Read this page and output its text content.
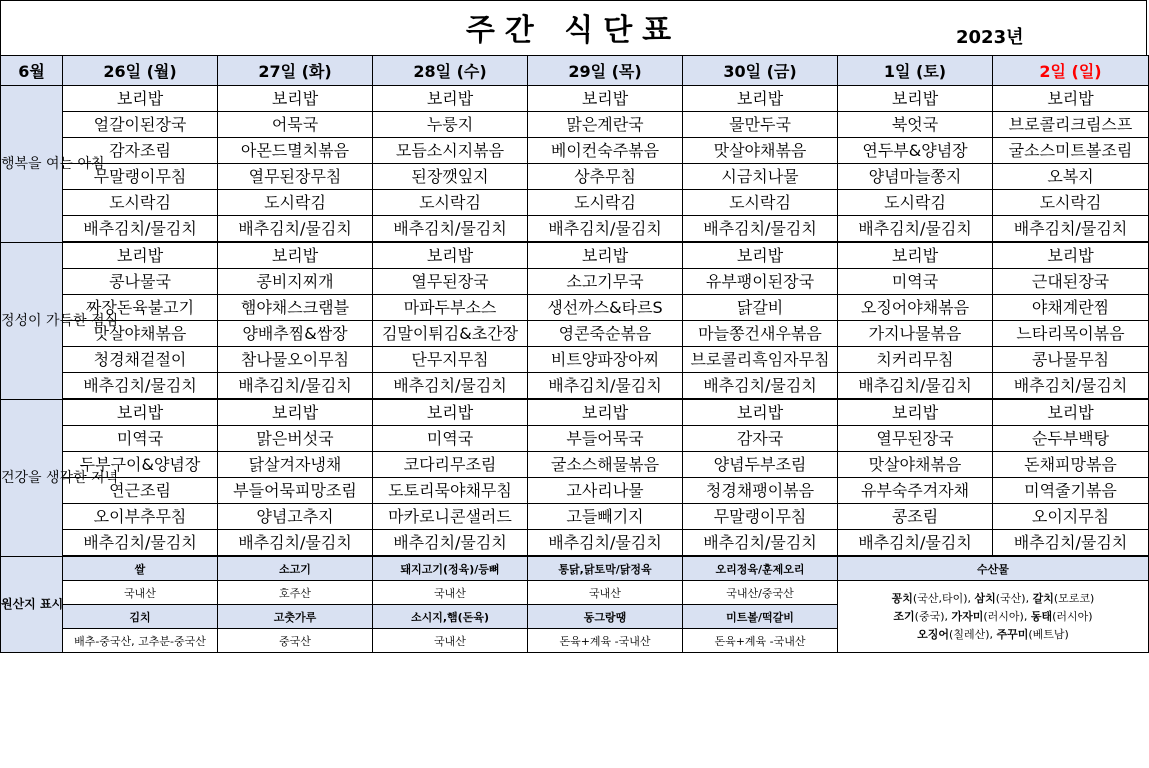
주간 식단표	2023년
6월	26일 (월)	27일 (화)	28일 (수)	29일 (목)	30일 (금)	1일 (토)	2일 (일)
행복을 여는 아침	보리밥	보리밥	보리밥	보리밥	보리밥	보리밥	보리밥
	얼갈이된장국	어묵국	누룽지	맑은계란국	물만두국	북엇국	브로콜리크림스프
	감자조림	아몬드멸치볶음	모듬소시지볶음	베이컨숙주볶음	맛살야채볶음	연두부&양념장	굴소스미트볼조림
	무말랭이무침	열무된장무침	된장깻잎지	상추무침	시금치나물	양념마늘쫑지	오복지
	도시락김	도시락김	도시락김	도시락김	도시락김	도시락김	도시락김
	배추김치/물김치	배추김치/물김치	배추김치/물김치	배추김치/물김치	배추김치/물김치	배추김치/물김치	배추김치/물김치
정성이 가득한 점심	보리밥	보리밥	보리밥	보리밥	보리밥	보리밥	보리밥
	콩나물국	콩비지찌개	열무된장국	소고기무국	유부팽이된장국	미역국	근대된장국
	짜장돈육불고기	햄야채스크램블	마파두부소스	생선까스&타르S	닭갈비	오징어야채볶음	야채계란찜
	맛살야채볶음	양배추찜&쌈장	김말이튀김&초간장	영콘죽순볶음	마늘쫑건새우볶음	가지나물볶음	느타리목이볶음
	청경채겉절이	참나물오이무침	단무지무침	비트양파장아찌	브로콜리흑임자무침	치커리무침	콩나물무침
	배추김치/물김치	배추김치/물김치	배추김치/물김치	배추김치/물김치	배추김치/물김치	배추김치/물김치	배추김치/물김치
건강을 생각한 저녁	보리밥	보리밥	보리밥	보리밥	보리밥	보리밥	보리밥
	미역국	맑은버섯국	미역국	부들어묵국	감자국	열무된장국	순두부백탕
	두부구이&양념장	닭살겨자냉채	코다리무조림	굴소스해물볶음	양념두부조림	맛살야채볶음	돈채피망볶음
	연근조림	부들어묵피망조림	도토리묵야채무침	고사리나물	청경채팽이볶음	유부숙주겨자채	미역줄기볶음
	오이부추무침	양념고추지	마카로니콘샐러드	고들빼기지	무말랭이무침	콩조림	오이지무침
	배추김치/물김치	배추김치/물김치	배추김치/물김치	배추김치/물김치	배추김치/물김치	배추김치/물김치	배추김치/물김치
원산지 표시	쌀	소고기	돼지고기(정육)/등뼈	통닭,닭토막/닭정육	오리정육/훈제오리	수산물	
	국내산	호주산	국내산	국내산	국내산/중국산	꽁치(국산,타이), 삼치(국산), 갈치(모로코)
조기(중국), 가자미(러시아), 동태(러시아)
오징어(칠레산), 주꾸미(베트남)	

	김치	고춧가루	소시지,햄(돈육)	동그랑땡	미트볼/떡갈비		
	배추-중국산, 고추분-중국산	중국산	국내산	돈육+계육 -국내산	돈육+계육 -국내산		
